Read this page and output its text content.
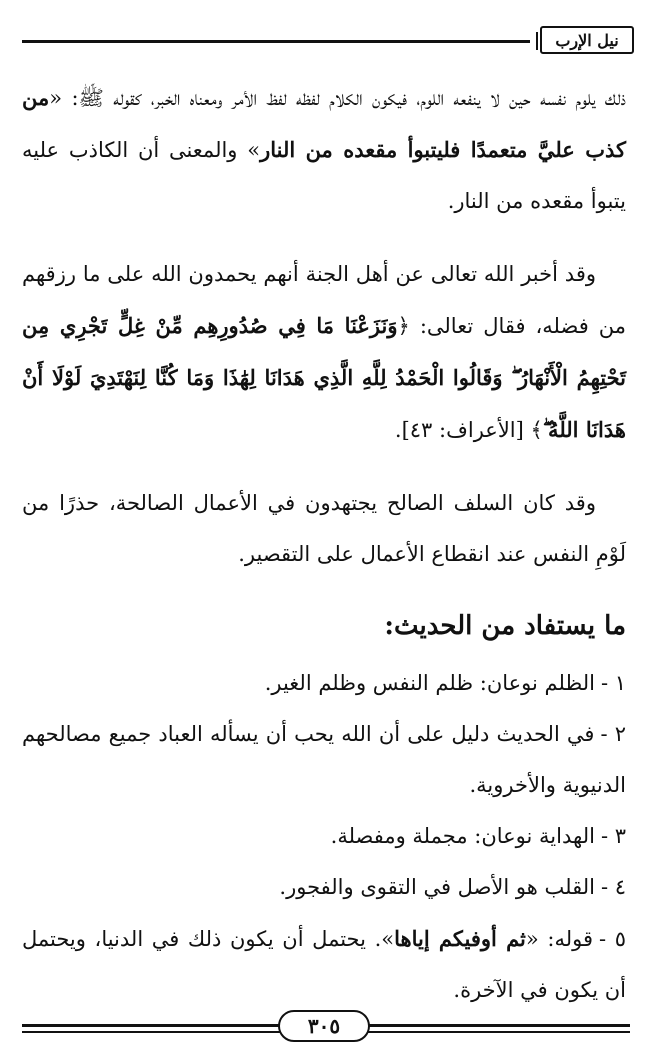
نيل الإرب

ذلك يلوم نفسه حين لا ينفعه اللوم، فيكون الكلام لفظه لفظ الأمر ومعناه الخبر، كقوله ﷺ: «من كذب عليَّ متعمدًا فليتبوأ مقعده من النار» والمعنى أن الكاذب عليه يتبوأ مقعده من النار.

وقد أخبر الله تعالى عن أهل الجنة أنهم يحمدون الله على ما رزقهم من فضله، فقال تعالى: ﴿وَنَزَعْنَا مَا فِي صُدُورِهِم مِّنْ غِلٍّ تَجْرِي مِن تَحْتِهِمُ الْأَنْهَارُ ۖ وَقَالُوا الْحَمْدُ لِلَّهِ الَّذِي هَدَانَا لِهَٰذَا وَمَا كُنَّا لِنَهْتَدِيَ لَوْلَا أَنْ هَدَانَا اللَّهُ ۖ﴾ [الأعراف: ٤٣].

وقد كان السلف الصالح يجتهدون في الأعمال الصالحة، حذرًا من لَوْمِ النفس عند انقطاع الأعمال على التقصير.

ما يستفاد من الحديث:
١ -الظلم نوعان: ظلم النفس وظلم الغير.
٢ -في الحديث دليل على أن الله يحب أن يسأله العباد جميع مصالحهم الدنيوية والأخروية.
٣ -الهداية نوعان: مجملة ومفصلة.
٤ -القلب هو الأصل في التقوى والفجور.
٥ -قوله: «ثم أوفيكم إياها». يحتمل أن يكون ذلك في الدنيا، ويحتمل أن يكون في الآخرة.
٣٠٥
